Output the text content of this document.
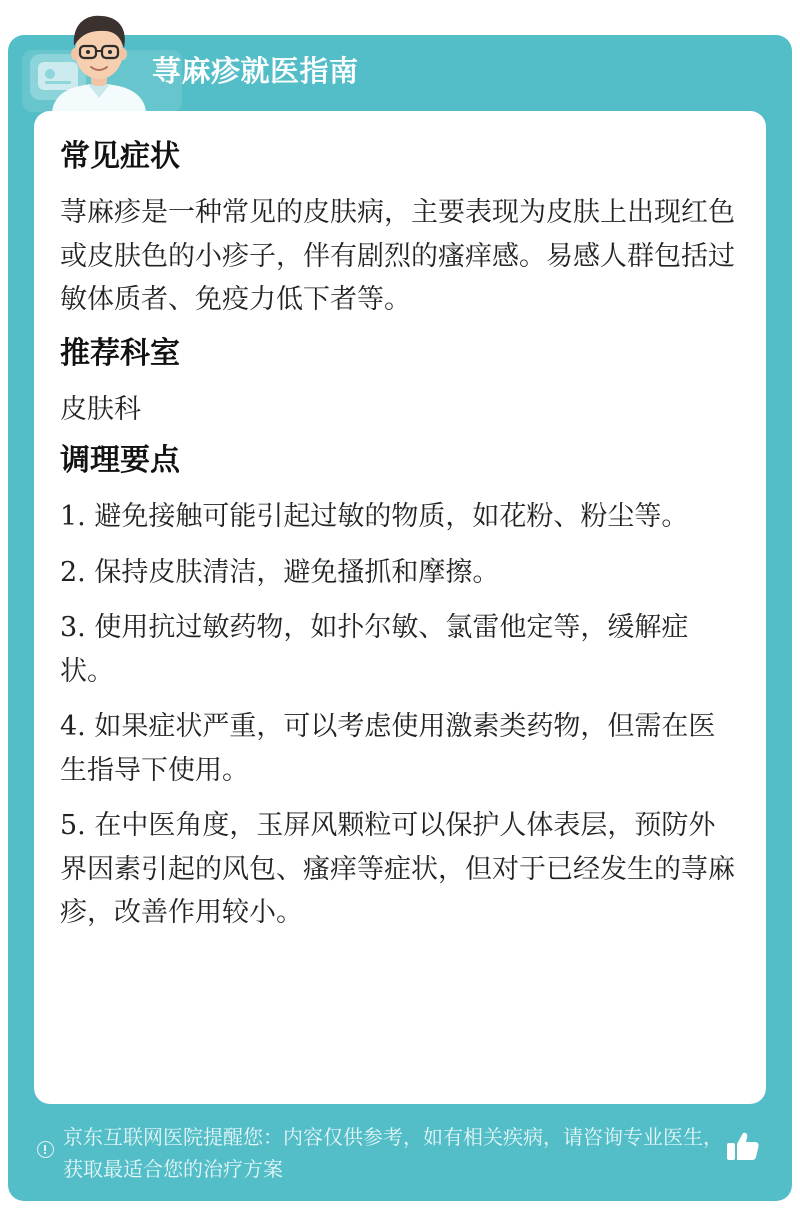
荨麻疹就医指南
常见症状

荨麻疹是一种常见的皮肤病，主要表现为皮肤上出现红色或皮肤色的小疹子，伴有剧烈的瘙痒感。易感人群包括过敏体质者、免疫力低下者等。

推荐科室

皮肤科

调理要点

1. 避免接触可能引起过敏的物质，如花粉、粉尘等。

2. 保持皮肤清洁，避免搔抓和摩擦。

3. 使用抗过敏药物，如扑尔敏、氯雷他定等，缓解症状。

4. 如果症状严重，可以考虑使用激素类药物，但需在医生指导下使用。

5. 在中医角度，玉屏风颗粒可以保护人体表层，预防外界因素引起的风包、瘙痒等症状，但对于已经发生的荨麻疹，改善作用较小。

京东互联网医院提醒您：内容仅供参考，如有相关疾病，请咨询专业医生，获取最适合您的治疗方案
